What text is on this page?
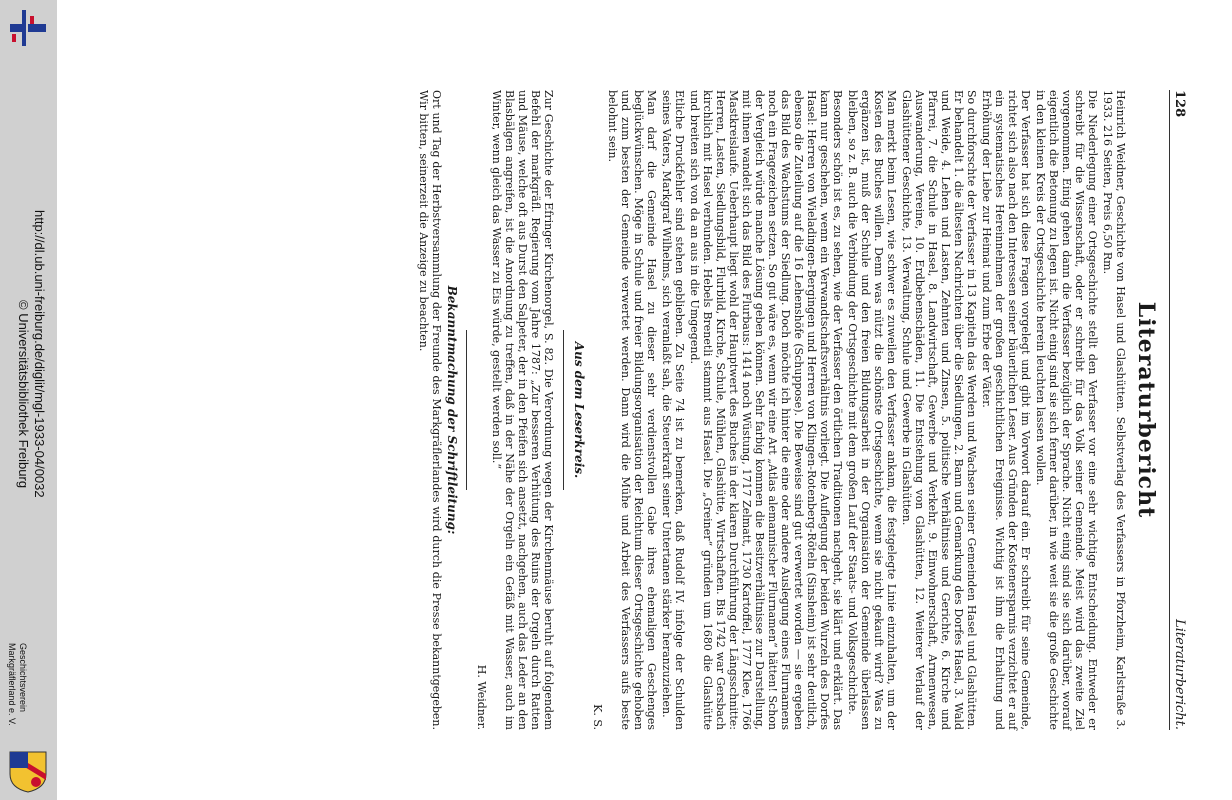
http://dl.ub.uni-freiburg.de/diglit/mgl-1933-04/0032
© Universitätsbibliothek Freiburg
Geschichtsverein
Markgräflerland e. V.
128
Literaturbericht.
Literaturbericht

Heinrich Weidner, Geschichte von Hasel und Glashütten. Selbstverlag des Verfassers in Pforzheim, Karlstraße 3. 1933. 216 Seiten, Preis 6,50 Rm.

Die Niederlegung einer Ortsgeschichte stellt den Verfasser vor eine sehr wichtige Entscheidung. Entweder er schreibt für die Wissenschaft, oder er schreibt für das Volk seiner Gemeinde. Meist wird das zweite Ziel vorgenommen. Einig gehen dann die Verfasser bezüglich der Sprache. Nicht einig sind sie sich darüber, worauf eigentlich die Betonung zu legen ist. Nicht einig sind sie sich ferner darüber, in wie weit sie die große Geschichte in den kleinen Kreis der Ortsgeschichte herein leuchten lassen wollen.

Der Verfasser hat sich diese Fragen vorgelegt und gibt im Vorwort darauf ein. Er schreibt für seine Gemeinde, richtet sich also nach den Interessen seiner bäuerlichen Leser. Aus Gründen der Kostenersparnis verzichtet er auf ein systematisches Hereinnehmen der großen geschichtlichen Ereignisse. Wichtig ist ihm die Erhaltung und Erhöhung der Liebe zur Heimat und zum Erbe der Väter.

So durchforschte der Verfasser in 13 Kapiteln das Werden und Wachsen seiner Gemeinden Hasel und Glashütten. Er behandelt 1. die ältesten Nachrichten über die Siedlungen, 2. Bann und Gemarkung des Dorfes Hasel, 3. Wald und Weide, 4. Lehen und Lasten, Zehnten und Zinsen, 5. politische Verhältnisse und Gerichte, 6. Kirche und Pfarrei, 7. die Schule in Hasel, 8. Landwirtschaft, Gewerbe und Verkehr, 9. Einwohnerschaft, Armenwesen, Auswanderung, Vereine, 10. Erdbebenschäden, 11. Die Entstehung von Glashütten, 12. Weiterer Verlauf der Glashüttener Geschichte, 13. Verwaltung, Schule und Gewerbe in Glashütten.

Man merkt beim Lesen, wie schwer es zuweilen den Verfasser ankam, die festgelegte Linie einzuhalten, um der Kosten des Buches willen. Denn was nützt die schönste Ortsgeschichte, wenn sie nicht gekauft wird? Was zu ergänzen ist, muß der Schule und den freien Bildungsarbeit in der Organisation der Gemeinde überlassen bleiben, so z. B. auch die Verbindung der Ortsgeschichte mit dem großen Lauf der Staats- und Volksgeschichte.

Besonders schön ist es, zu sehen, wie der Verfasser den örtlichen Traditionen nachgeht, sie klärt und erklärt. Das kann nur geschehen, wenn ein Verwandtschaftsverhältnis vorliegt. Die Auflegung der beiden Wurzeln des Dorfes Hasel: Herren von Wieladingen-Bergingen und Herren von Klingen-Rotenberg-Röteln (Sinsheim) ist sehr deutlich, ebenso die Zuteilung auf die 16 Lehenshöfe (Schuppose). Die Beweise sind gut verwertet worden — sie ergeben das Bild des Wachstums der Siedlung. Doch möchte ich hinter die eine oder andere Auslegung eines Flurnamens noch ein Fragezeichen setzen. So gut wäre es, wenn wir eine Art „Atlas alemannischer Flurnamen“ hätten! Schon der Vergleich würde manche Lösung geben können. Sehr farbig kommen die Besitzverhältnisse zur Darstellung, mit ihnen wandelt sich das Bild des Flurbaus: 1414 noch Wüstung, 1717 Zelmatt, 1730 Kartoffel, 1777 Klee, 1766 Mastkreislaufe. Ueberhaupt liegt wohl der Hauptwert des Buches in der klaren Durchführung der Längsschnitte: Herren, Lasten, Siedlungsbild, Flurbild, Kirche, Schule, Mühlen, Glashütte, Wirtschaften. Bis 1742 war Gersbach kirchlich mit Hasel verbunden. Hebels Brenetli stammt aus Hasel. Die „Greiner“ gründen um 1680 die Glashütte und breiten sich von da an aus in die Umgegend.

Etliche Druckfehler sind stehen geblieben. Zu Seite 74 ist zu bemerken, daß Rudolf IV. infolge der Schulden seines Vaters, Markgraf Wilhelms, sich veranlaßt sah, die Steuerkraft seiner Untertanen stärker heranzuziehen.

Man darf die Gemeinde Hasel zu dieser sehr verdienstvollen Gabe ihres ehemaligen Geschenges beglückwünschen. Möge in Schule und freier Bildungsorganisation der Reichtum dieser Ortsgeschichte gehoben und zum besten der Gemeinde verwertet werden. Dann wird die Mühe und Arbeit des Verfassers aufs beste belohnt sein.

K. S.
Aus dem Leserkreis.

Zur Geschichte der Efringer Kirchenorgel, S. 82. Die Verordnung wegen der Kirchenmäuse beruht auf folgendem Befehl der markgräfl. Regierung vom Jahre 1787: „Zur besseren Verhütung des Ruins der Orgeln durch Ratten und Mäuse, welche oft aus Durst den Salpeter, der in den Pfeifen sich ansetzt, nachgehen, auch das Leder an den Blasbälgen angreifen, ist die Anordnung zu treffen, daß in der Nähe der Orgeln ein Gefäß mit Wasser, auch im Winter, wenn gleich das Wasser zu Eis würde, gestellt werden soll.“

H. Weidner.
Bekanntmachung der Schriftleitung:

Ort und Tag der Herbstversammlung der Freunde des Markgräflerlandes wird durch die Presse bekanntgegeben. Wir bitten, seinerzeit die Anzeige zu beachten.
